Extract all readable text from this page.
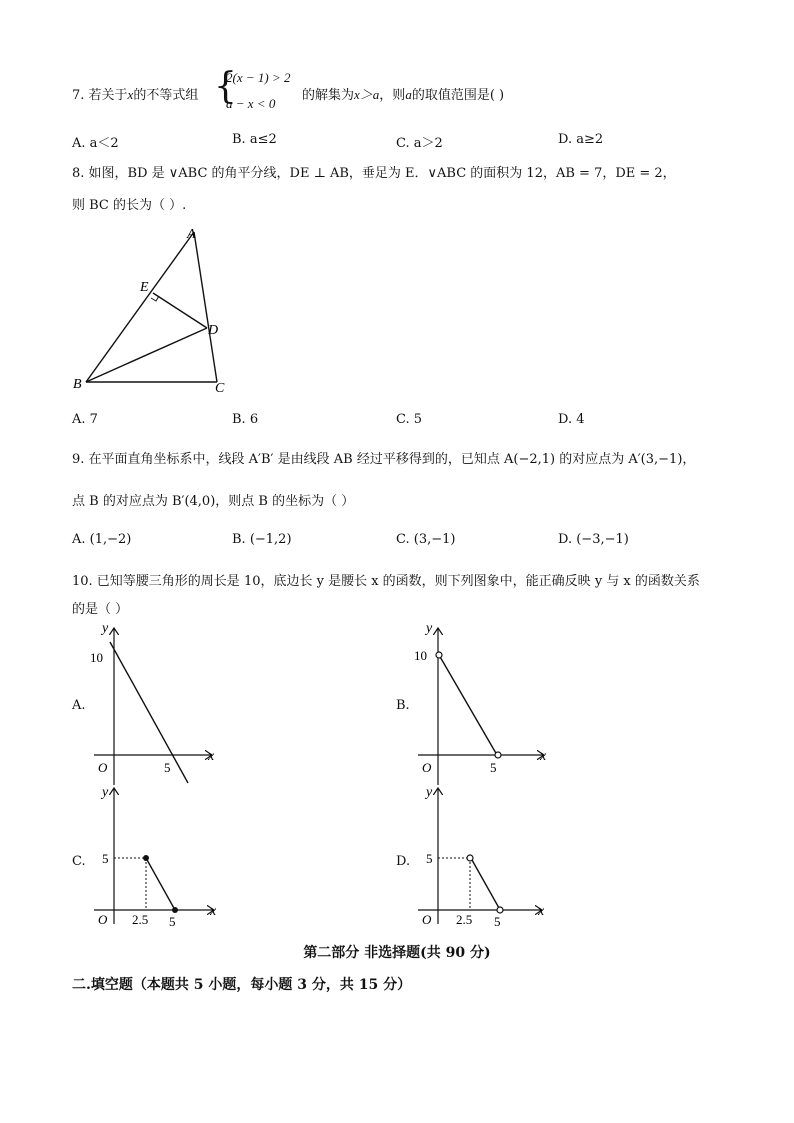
7. 若关于x的不等式组 {
2(x − 1) > 2
a − x < 0
的解集为x＞a，则a的取值范围是( )
A. a＜2	B. a≤2	C. a＞2	D. a≥2
8. 如图，BD 是 ∨ABC 的角平分线，DE ⊥ AB，垂足为 E．∨ABC 的面积为 12，AB = 7，DE = 2，
则 BC 的长为（ ）.
A
E
D
B	C
A. 7	B. 6	C. 5	D. 4
9. 在平面直角坐标系中，线段 A′B′ 是由线段 AB 经过平移得到的，已知点 A(−2,1) 的对应点为 A′(3,−1)，
点 B 的对应点为 B′(4,0)，则点 B 的坐标为（ ）
A. (1,−2)	B. (−1,2)	C. (3,−1)	D. (−3,−1)
10. 已知等腰三角形的周长是 10，底边长 y 是腰长 x 的函数，则下列图象中，能正确反映 y 与 x 的函数关系
的是（ ）
y
x
O
10
5
A.
y
x
O
10
5
B.
y
x
O
5
2.5 5
C.
y
x
O
5
2.5 5
D.
第二部分 非选择题(共 90 分)
二.填空题（本题共 5 小题，每小题 3 分，共 15 分）
